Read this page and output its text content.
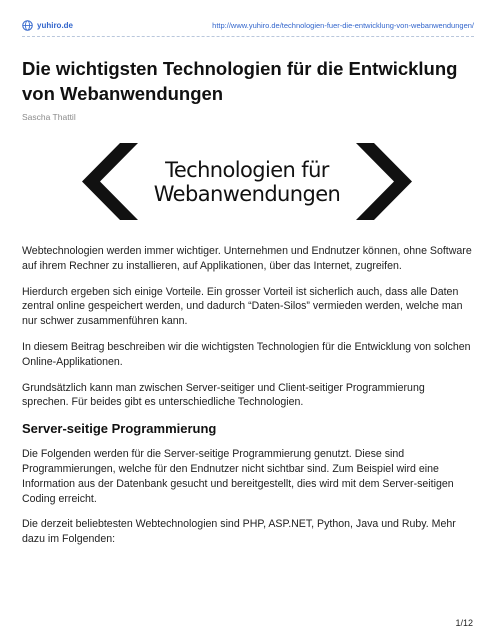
yuhiro.de	http://www.yuhiro.de/technologien-fuer-die-entwicklung-von-webanwendungen/
Die wichtigsten Technologien für die Entwicklung von Webanwendungen
Sascha Thattil
Technologien für
Webanwendungen

Webtechnologien werden immer wichtiger. Unternehmen und Endnutzer können, ohne Software auf ihrem Rechner zu installieren, auf Applikationen, über das Internet, zugreifen.

Hierdurch ergeben sich einige Vorteile. Ein grosser Vorteil ist sicherlich auch, dass alle Daten zentral online gespeichert werden, und dadurch “Daten-Silos” vermieden werden, welche man nur schwer zusammenführen kann.

In diesem Beitrag beschreiben wir die wichtigsten Technologien für die Entwicklung von solchen Online-Applikationen.

Grundsätzlich kann man zwischen Server-seitiger und Client-seitiger Programmierung sprechen. Für beides gibt es unterschiedliche Technologien.

Server-seitige Programmierung

Die Folgenden werden für die Server-seitige Programmierung genutzt. Diese sind Programmierungen, welche für den Endnutzer nicht sichtbar sind. Zum Beispiel wird eine Information aus der Datenbank gesucht und bereitgestellt, dies wird mit dem Server-seitigen Coding erreicht.

Die derzeit beliebtesten Webtechnologien sind PHP, ASP.NET, Python, Java und Ruby. Mehr dazu im Folgenden:

1/12
